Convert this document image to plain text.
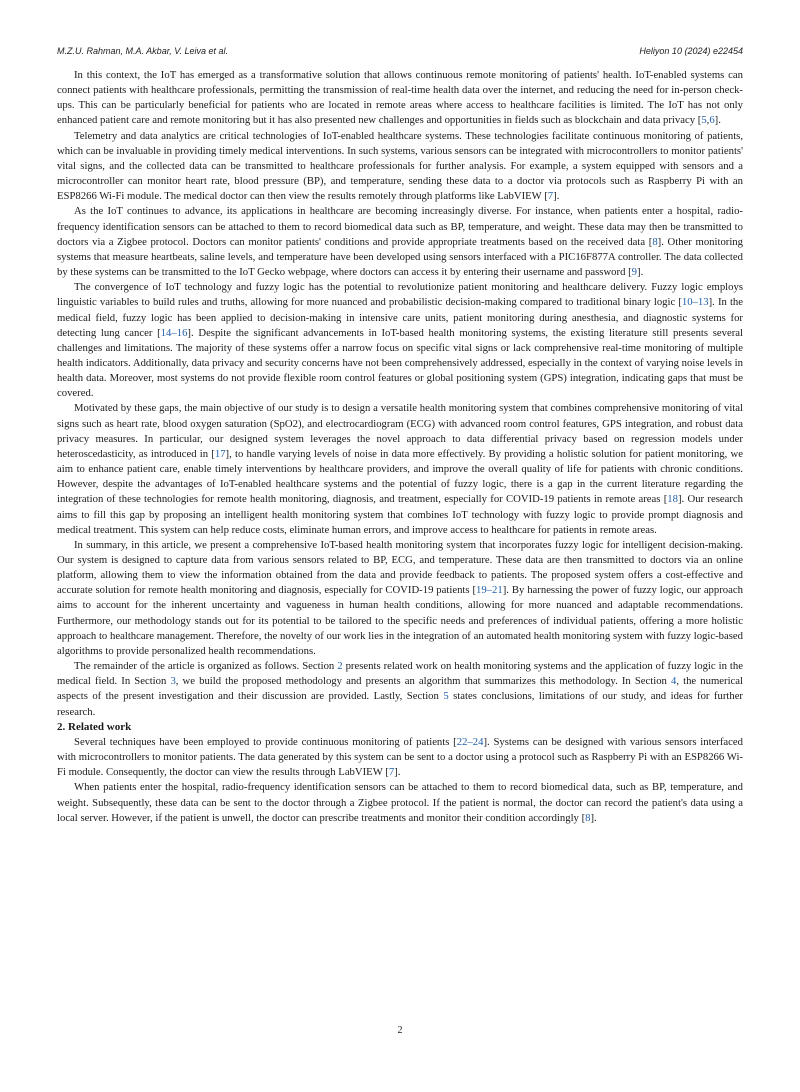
M.Z.U. Rahman, M.A. Akbar, V. Leiva et al.	Heliyon 10 (2024) e22454

In this context, the IoT has emerged as a transformative solution that allows continuous remote monitoring of patients' health. IoT-enabled systems can connect patients with healthcare professionals, permitting the transmission of real-time health data over the internet, and reducing the need for in-person check-ups. This can be particularly beneficial for patients who are located in remote areas where access to healthcare facilities is limited. The IoT has not only enhanced patient care and remote monitoring but it has also presented new challenges and opportunities in fields such as blockchain and data privacy [5,6].

Telemetry and data analytics are critical technologies of IoT-enabled healthcare systems. These technologies facilitate continuous monitoring of patients, which can be invaluable in providing timely medical interventions. In such systems, various sensors can be integrated with microcontrollers to monitor patients' vital signs, and the collected data can be transmitted to healthcare professionals for further analysis. For example, a system equipped with sensors and a microcontroller can monitor heart rate, blood pressure (BP), and temperature, sending these data to a doctor via protocols such as Raspberry Pi with an ESP8266 Wi-Fi module. The medical doctor can then view the results remotely through platforms like LabVIEW [7].

As the IoT continues to advance, its applications in healthcare are becoming increasingly diverse. For instance, when patients enter a hospital, radio-frequency identification sensors can be attached to them to record biomedical data such as BP, temperature, and weight. These data may then be transmitted to doctors via a Zigbee protocol. Doctors can monitor patients' conditions and provide appropriate treatments based on the received data [8]. Other monitoring systems that measure heartbeats, saline levels, and temperature have been developed using sensors interfaced with a PIC16F877A controller. The data collected by these systems can be transmitted to the IoT Gecko webpage, where doctors can access it by entering their username and password [9].

The convergence of IoT technology and fuzzy logic has the potential to revolutionize patient monitoring and healthcare delivery. Fuzzy logic employs linguistic variables to build rules and truths, allowing for more nuanced and probabilistic decision-making compared to traditional binary logic [10–13]. In the medical field, fuzzy logic has been applied to decision-making in intensive care units, patient monitoring during anesthesia, and diagnostic systems for detecting lung cancer [14–16]. Despite the significant advancements in IoT-based health monitoring systems, the existing literature still presents several challenges and limitations. The majority of these systems offer a narrow focus on specific vital signs or lack comprehensive real-time monitoring of multiple health indicators. Additionally, data privacy and security concerns have not been comprehensively addressed, especially in the context of varying noise levels in health data. Moreover, most systems do not provide flexible room control features or global positioning system (GPS) integration, indicating gaps that must be covered.

Motivated by these gaps, the main objective of our study is to design a versatile health monitoring system that combines comprehensive monitoring of vital signs such as heart rate, blood oxygen saturation (SpO2), and electrocardiogram (ECG) with advanced room control features, GPS integration, and robust data privacy measures. In particular, our designed system leverages the novel approach to data differential privacy based on regression models under heteroscedasticity, as introduced in [17], to handle varying levels of noise in data more effectively. By providing a holistic solution for patient monitoring, we aim to enhance patient care, enable timely interventions by healthcare providers, and improve the overall quality of life for patients with chronic conditions. However, despite the advantages of IoT-enabled healthcare systems and the potential of fuzzy logic, there is a gap in the current literature regarding the integration of these technologies for remote health monitoring, diagnosis, and treatment, especially for COVID-19 patients in remote areas [18]. Our research aims to fill this gap by proposing an intelligent health monitoring system that combines IoT technology with fuzzy logic to provide prompt diagnosis and medical treatment. This system can help reduce costs, eliminate human errors, and improve access to healthcare for patients in remote areas.

In summary, in this article, we present a comprehensive IoT-based health monitoring system that incorporates fuzzy logic for intelligent decision-making. Our system is designed to capture data from various sensors related to BP, ECG, and temperature. These data are then transmitted to doctors via an online platform, allowing them to view the information obtained from the data and provide feedback to patients. The proposed system offers a cost-effective and accurate solution for remote health monitoring and diagnosis, especially for COVID-19 patients [19–21]. By harnessing the power of fuzzy logic, our approach aims to account for the inherent uncertainty and vagueness in human health conditions, allowing for more nuanced and adaptable recommendations. Furthermore, our methodology stands out for its potential to be tailored to the specific needs and preferences of individual patients, offering a more holistic approach to healthcare management. Therefore, the novelty of our work lies in the integration of an automated health monitoring system with fuzzy logic-based algorithms to provide personalized health recommendations.

The remainder of the article is organized as follows. Section 2 presents related work on health monitoring systems and the application of fuzzy logic in the medical field. In Section 3, we build the proposed methodology and presents an algorithm that summarizes this methodology. In Section 4, the numerical aspects of the present investigation and their discussion are provided. Lastly, Section 5 states conclusions, limitations of our study, and ideas for further research.

2. Related work

Several techniques have been employed to provide continuous monitoring of patients [22–24]. Systems can be designed with various sensors interfaced with microcontrollers to monitor patients. The data generated by this system can be sent to a doctor using a protocol such as Raspberry Pi with an ESP8266 Wi-Fi module. Consequently, the doctor can view the results through LabVIEW [7].

When patients enter the hospital, radio-frequency identification sensors can be attached to them to record biomedical data, such as BP, temperature, and weight. Subsequently, these data can be sent to the doctor through a Zigbee protocol. If the patient is normal, the doctor can record the patient's data using a local server. However, if the patient is unwell, the doctor can prescribe treatments and monitor their condition accordingly [8].

2
